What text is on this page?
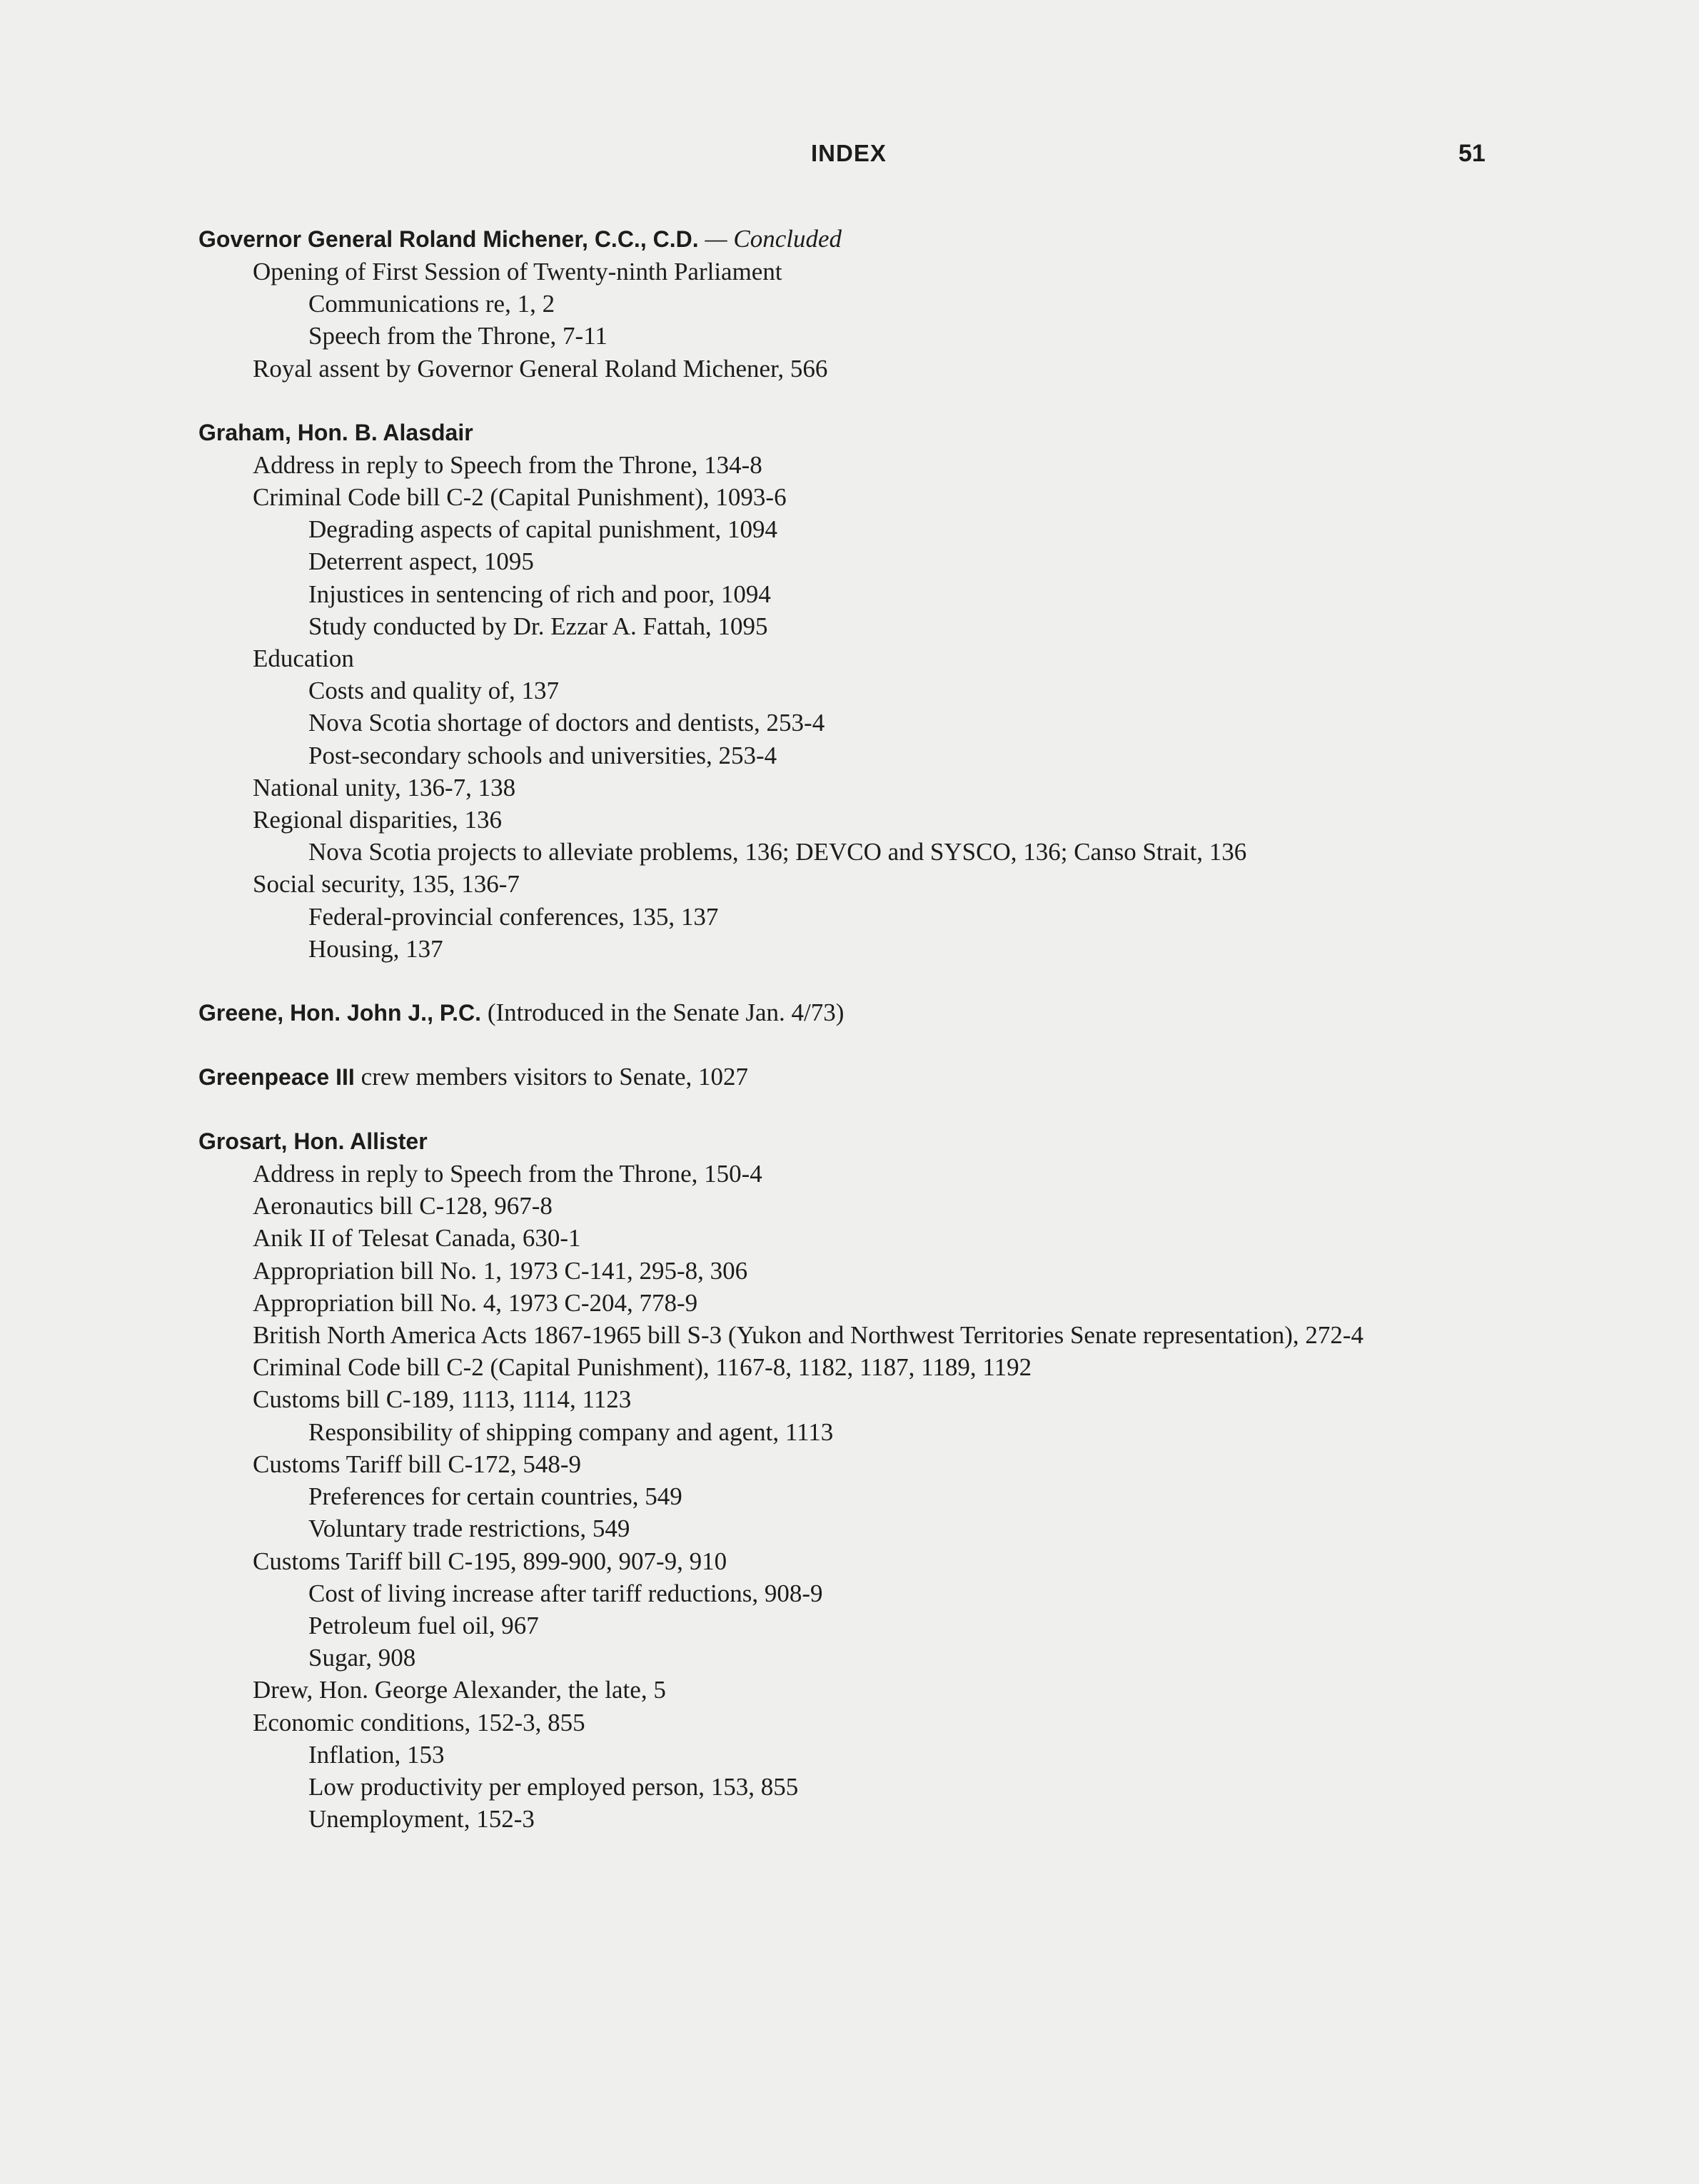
INDEX	51
Governor General Roland Michener, C.C., C.D. — Concluded
Opening of First Session of Twenty-ninth Parliament
Communications re, 1, 2
Speech from the Throne, 7-11
Royal assent by Governor General Roland Michener, 566
Graham, Hon. B. Alasdair
Address in reply to Speech from the Throne, 134-8
Criminal Code bill C-2 (Capital Punishment), 1093-6
Degrading aspects of capital punishment, 1094
Deterrent aspect, 1095
Injustices in sentencing of rich and poor, 1094
Study conducted by Dr. Ezzar A. Fattah, 1095
Education
Costs and quality of, 137
Nova Scotia shortage of doctors and dentists, 253-4
Post-secondary schools and universities, 253-4
National unity, 136-7, 138
Regional disparities, 136
Nova Scotia projects to alleviate problems, 136; DEVCO and SYSCO, 136; Canso Strait, 136
Social security, 135, 136-7
Federal-provincial conferences, 135, 137
Housing, 137
Greene, Hon. John J., P.C. (Introduced in the Senate Jan. 4/73)
Greenpeace III crew members visitors to Senate, 1027
Grosart, Hon. Allister
Address in reply to Speech from the Throne, 150-4
Aeronautics bill C-128, 967-8
Anik II of Telesat Canada, 630-1
Appropriation bill No. 1, 1973 C-141, 295-8, 306
Appropriation bill No. 4, 1973 C-204, 778-9
British North America Acts 1867-1965 bill S-3 (Yukon and Northwest Territories Senate representation), 272-4
Criminal Code bill C-2 (Capital Punishment), 1167-8, 1182, 1187, 1189, 1192
Customs bill C-189, 1113, 1114, 1123
Responsibility of shipping company and agent, 1113
Customs Tariff bill C-172, 548-9
Preferences for certain countries, 549
Voluntary trade restrictions, 549
Customs Tariff bill C-195, 899-900, 907-9, 910
Cost of living increase after tariff reductions, 908-9
Petroleum fuel oil, 967
Sugar, 908
Drew, Hon. George Alexander, the late, 5
Economic conditions, 152-3, 855
Inflation, 153
Low productivity per employed person, 153, 855
Unemployment, 152-3
